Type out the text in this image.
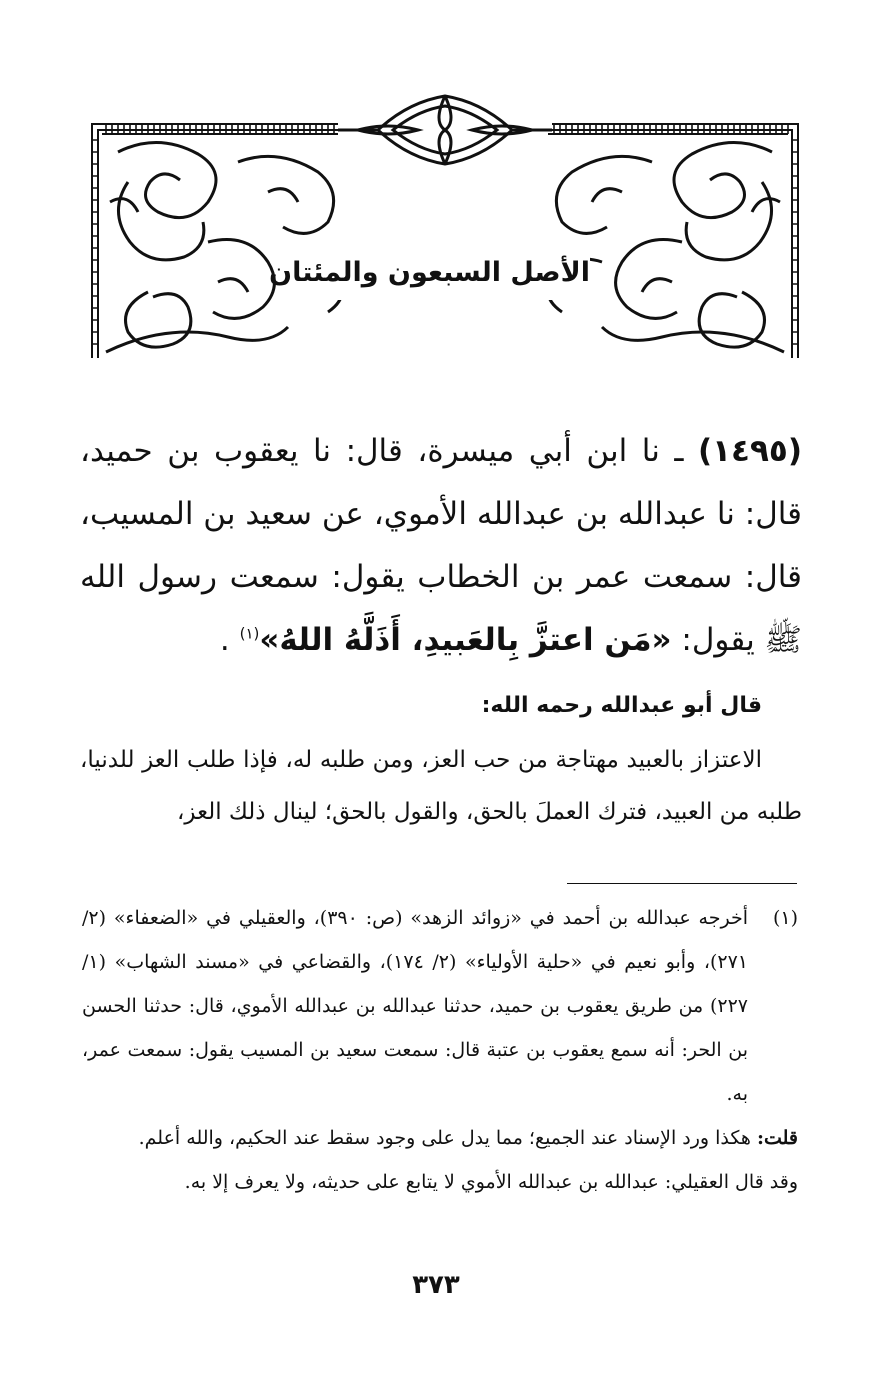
الأصل السبعون والمئتان

(١٤٩٥) ـ نا ابن أبي ميسرة، قال: نا يعقوب بن حميد، قال: نا عبدالله بن عبدالله الأموي، عن سعيد بن المسيب، قال: سمعت عمر بن الخطاب يقول: سمعت رسول الله ﷺ يقول: «مَن اعتزَّ بِالعَبيدِ، أَذَلَّهُ اللهُ»$^{(١)}$ .

قال أبو عبدالله رحمه الله:

الاعتزاز بالعبيد مهتاجة من حب العز، ومن طلبه له، فإذا طلب العز للدنيا، طلبه من العبيد، فترك العملَ بالحق، والقول بالحق؛ لينال ذلك العز،

(١)
أخرجه عبدالله بن أحمد في «زوائد الزهد» (ص: ٣٩٠)، والعقيلي في «الضعفاء» (٢/ ٢٧١)، وأبو نعيم في «حلية الأولياء» (٢/ ١٧٤)، والقضاعي في «مسند الشهاب» (١/ ٢٢٧) من طريق يعقوب بن حميد، حدثنا عبدالله بن عبدالله الأموي، قال: حدثنا الحسن بن الحر: أنه سمع يعقوب بن عتبة قال: سمعت سعيد بن المسيب يقول: سمعت عمر، به.

قلت: هكذا ورد الإسناد عند الجميع؛ مما يدل على وجود سقط عند الحكيم، والله أعلم.

وقد قال العقيلي: عبدالله بن عبدالله الأموي لا يتابع على حديثه، ولا يعرف إلا به.

٣٧٣
